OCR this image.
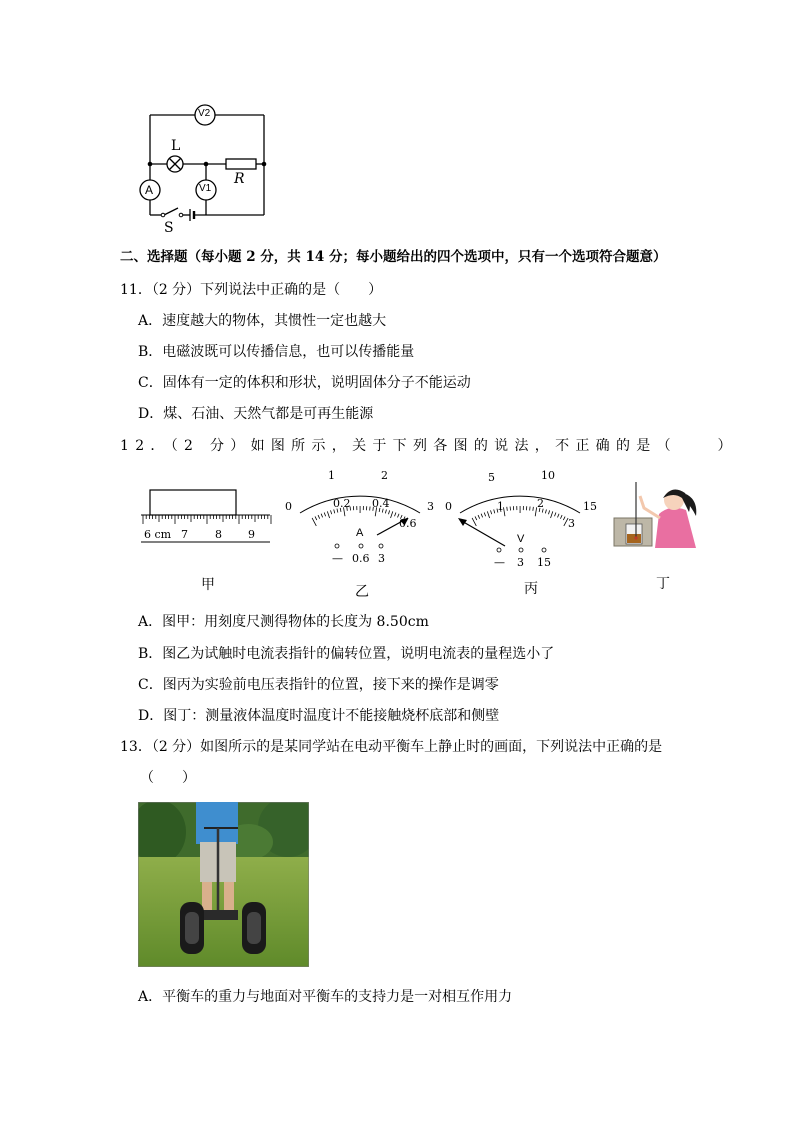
V2
V1
L
R
A
S
二、选择题（每小题 2 分，共 14 分；每小题给出的四个选项中，只有一个选项符合题意）
11．（2 分）下列说法中正确的是（　　）
A．速度越大的物体，其惯性一定也越大
B．电磁波既可以传播信息，也可以传播能量
C．固体有一定的体积和形状，说明固体分子不能运动
D．煤、石油、天然气都是可再生能源
12．（2 分）如图所示，关于下列各图的说法，不正确的是（　　）
6 cm 7 8 9
甲
0
1	2
3
0.2 0.4
0.6
A
— 0.6 3
乙
0
5	10
15
1	2
3
V
— 3 15
丙	丁
A．图甲：用刻度尺测得物体的长度为 8.50cm
B．图乙为试触时电流表指针的偏转位置，说明电流表的量程选小了
C．图丙为实验前电压表指针的位置，接下来的操作是调零
D．图丁：测量液体温度时温度计不能接触烧杯底部和侧壁
13．（2 分）如图所示的是某同学站在电动平衡车上静止时的画面，下列说法中正确的是
（　　）
A．平衡车的重力与地面对平衡车的支持力是一对相互作用力
